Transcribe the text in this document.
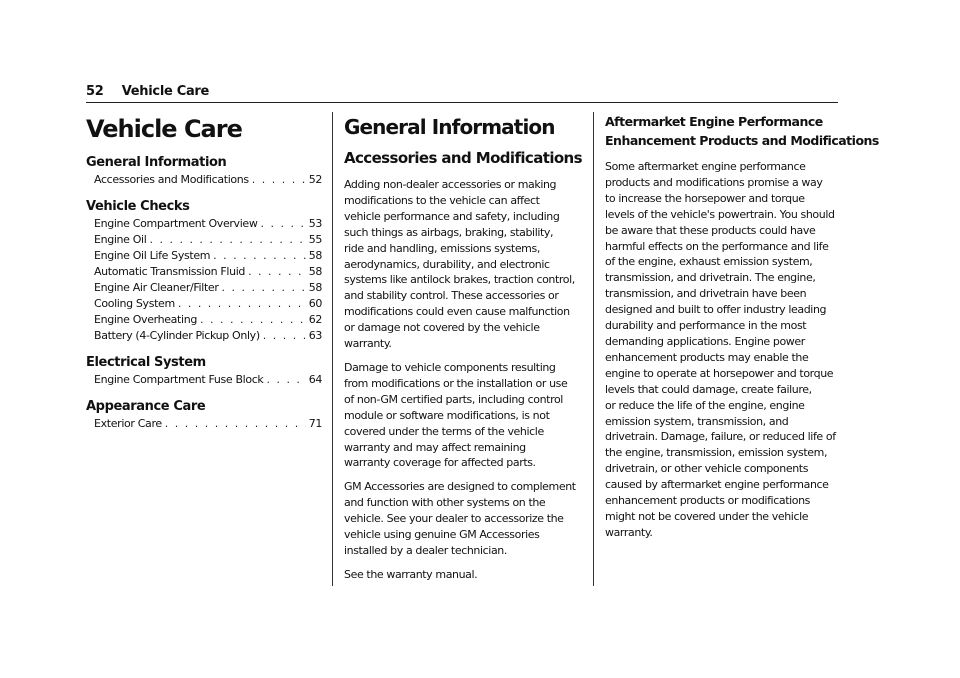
52 Vehicle Care
Vehicle Care
General Information
Accessories and Modifications . . .	52
Vehicle Checks
Engine Compartment Overview . . .	53
Engine Oil . . .	55
Engine Oil Life System . . .	58
Automatic Transmission Fluid . . .	58
Engine Air Cleaner/Filter . . .	58
Cooling System . . .	60
Engine Overheating . . .	62
Battery (4-Cylinder Pickup Only) . . .	63
Electrical System
Engine Compartment Fuse Block . . .	64
Appearance Care
Exterior Care . . .	71
General Information
Accessories and Modifications
Adding non-dealer accessories or making
modifications to the vehicle can affect
vehicle performance and safety, including
such things as airbags, braking, stability,
ride and handling, emissions systems,
aerodynamics, durability, and electronic
systems like antilock brakes, traction control,
and stability control. These accessories or
modifications could even cause malfunction
or damage not covered by the vehicle
warranty.
Damage to vehicle components resulting
from modifications or the installation or use
of non-GM certified parts, including control
module or software modifications, is not
covered under the terms of the vehicle
warranty and may affect remaining
warranty coverage for affected parts.
GM Accessories are designed to complement
and function with other systems on the
vehicle. See your dealer to accessorize the
vehicle using genuine GM Accessories
installed by a dealer technician.
See the warranty manual.
Aftermarket Engine Performance
Enhancement Products and Modifications
Some aftermarket engine performance
products and modifications promise a way
to increase the horsepower and torque
levels of the vehicle's powertrain. You should
be aware that these products could have
harmful effects on the performance and life
of the engine, exhaust emission system,
transmission, and drivetrain. The engine,
transmission, and drivetrain have been
designed and built to offer industry leading
durability and performance in the most
demanding applications. Engine power
enhancement products may enable the
engine to operate at horsepower and torque
levels that could damage, create failure,
or reduce the life of the engine, engine
emission system, transmission, and
drivetrain. Damage, failure, or reduced life of
the engine, transmission, emission system,
drivetrain, or other vehicle components
caused by aftermarket engine performance
enhancement products or modifications
might not be covered under the vehicle
warranty.
